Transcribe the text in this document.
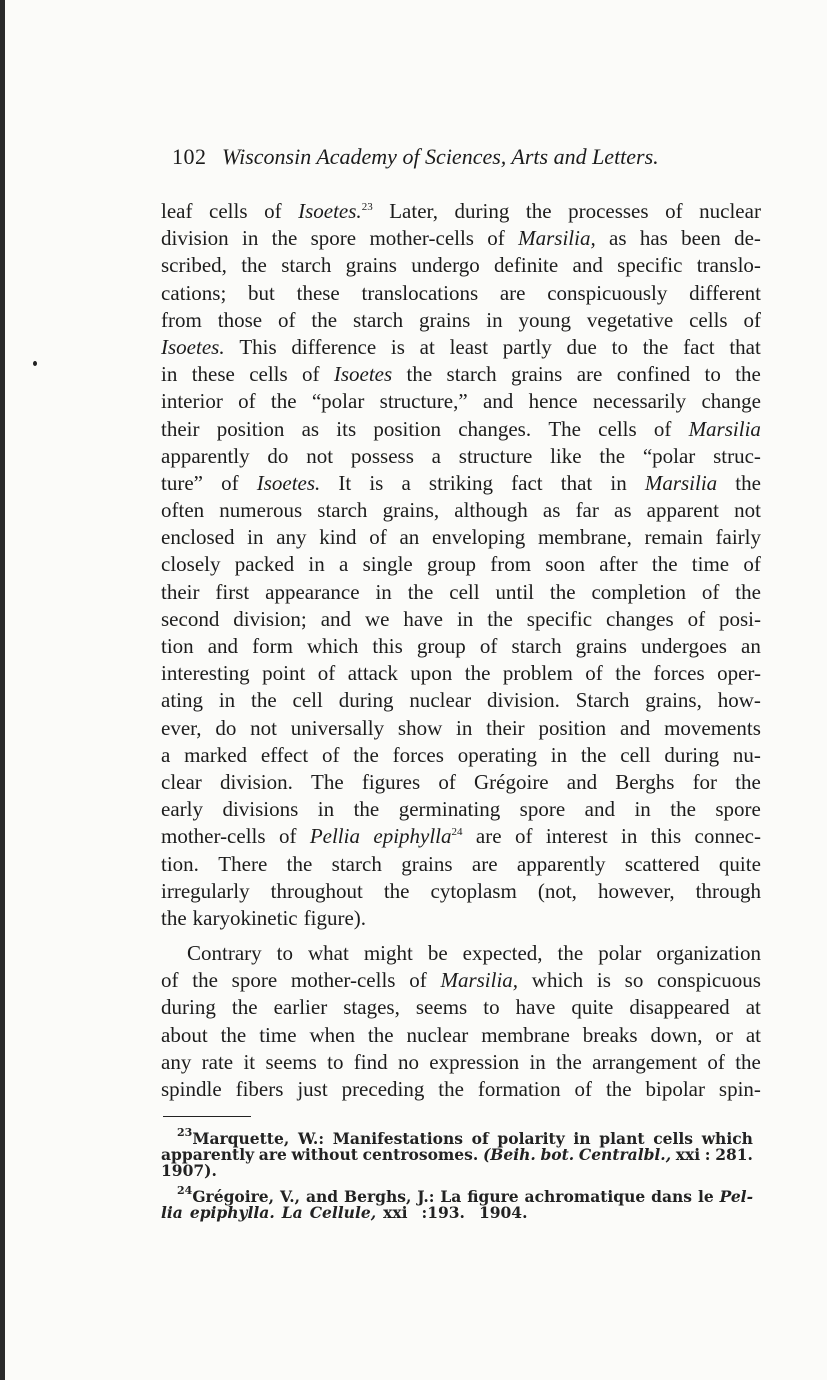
102 Wisconsin Academy of Sciences, Arts and Letters.
leaf cells of Isoetes.$^{23}$ Later, during the processes of nuclear
division in the spore mother-cells of Marsilia, as has been de-
scribed, the starch grains undergo definite and specific translo-
cations; but these translocations are conspicuously different
from those of the starch grains in young vegetative cells of
Isoetes. This difference is at least partly due to the fact that
in these cells of Isoetes the starch grains are confined to the
interior of the “polar structure,” and hence necessarily change
their position as its position changes. The cells of Marsilia
apparently do not possess a structure like the “polar struc-
ture” of Isoetes. It is a striking fact that in Marsilia the
often numerous starch grains, although as far as apparent not
enclosed in any kind of an enveloping membrane, remain fairly
closely packed in a single group from soon after the time of
their first appearance in the cell until the completion of the
second division; and we have in the specific changes of posi-
tion and form which this group of starch grains undergoes an
interesting point of attack upon the problem of the forces oper-
ating in the cell during nuclear division. Starch grains, how-
ever, do not universally show in their position and movements
a marked effect of the forces operating in the cell during nu-
clear division. The figures of Grégoire and Berghs for the
early divisions in the germinating spore and in the spore
mother-cells of Pellia epiphylla$^{24}$ are of interest in this connec-
tion. There the starch grains are apparently scattered quite
irregularly throughout the cytoplasm (not, however, through
the karyokinetic figure).
Contrary to what might be expected, the polar organization
of the spore mother-cells of Marsilia, which is so conspicuous
during the earlier stages, seems to have quite disappeared at
about the time when the nuclear membrane breaks down, or at
any rate it seems to find no expression in the arrangement of the
spindle fibers just preceding the formation of the bipolar spin-
$^{23}$Marquette, W.: Manifestations of polarity in plant cells which
apparently are without centrosomes. (Beih. bot. Centralbl., xxi : 281.
1907).
$^{24}$Grégoire, V., and Berghs, J.: La figure achromatique dans le Pel-
lia epiphylla. La Cellule, xxi :193. 1904.
